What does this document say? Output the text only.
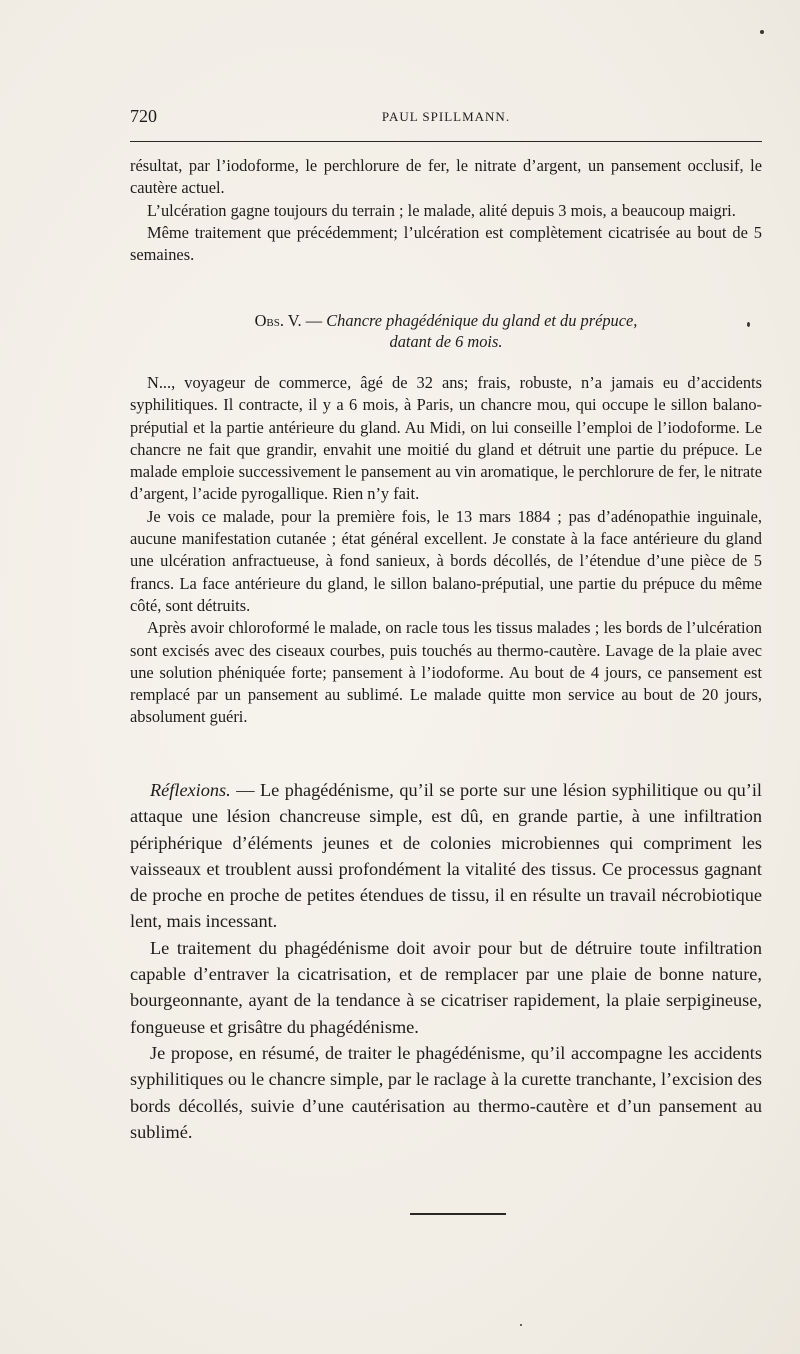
720	PAUL SPILLMANN.

résultat, par l’iodoforme, le perchlorure de fer, le nitrate d’argent, un pansement occlusif, le cautère actuel.

L’ulcération gagne toujours du terrain ; le malade, alité depuis 3 mois, a beaucoup maigri.

Même traitement que précédemment; l’ulcération est complètement cicatrisée au bout de 5 semaines.

Obs. V. — Chancre phagédénique du gland et du prépuce,
datant de 6 mois.

N..., voyageur de commerce, âgé de 32 ans; frais, robuste, n’a jamais eu d’accidents syphilitiques. Il contracte, il y a 6 mois, à Paris, un chancre mou, qui occupe le sillon balano-préputial et la partie antérieure du gland. Au Midi, on lui conseille l’emploi de l’iodoforme. Le chancre ne fait que grandir, envahit une moitié du gland et détruit une partie du prépuce. Le malade emploie successivement le pansement au vin aromatique, le perchlorure de fer, le nitrate d’argent, l’acide pyrogallique. Rien n’y fait.

Je vois ce malade, pour la première fois, le 13 mars 1884 ; pas d’adénopathie inguinale, aucune manifestation cutanée ; état général excellent. Je constate à la face antérieure du gland une ulcération anfractueuse, à fond sanieux, à bords décollés, de l’étendue d’une pièce de 5 francs. La face antérieure du gland, le sillon balano-préputial, une partie du prépuce du même côté, sont détruits.

Après avoir chloroformé le malade, on racle tous les tissus malades ; les bords de l’ulcération sont excisés avec des ciseaux courbes, puis touchés au thermo-cautère. Lavage de la plaie avec une solution phéniquée forte; pansement à l’iodoforme. Au bout de 4 jours, ce pansement est remplacé par un pansement au sublimé. Le malade quitte mon service au bout de 20 jours, absolument guéri.

Réflexions. — Le phagédénisme, qu’il se porte sur une lésion syphilitique ou qu’il attaque une lésion chancreuse simple, est dû, en grande partie, à une infiltration périphérique d’éléments jeunes et de colonies microbiennes qui compriment les vaisseaux et troublent aussi profondément la vitalité des tissus. Ce processus gagnant de proche en proche de petites étendues de tissu, il en résulte un travail nécrobiotique lent, mais incessant.

Le traitement du phagédénisme doit avoir pour but de détruire toute infiltration capable d’entraver la cicatrisation, et de remplacer par une plaie de bonne nature, bourgeonnante, ayant de la tendance à se cicatriser rapidement, la plaie serpigineuse, fongueuse et grisâtre du phagédénisme.

Je propose, en résumé, de traiter le phagédénisme, qu’il accompagne les accidents syphilitiques ou le chancre simple, par le raclage à la curette tranchante, l’excision des bords décollés, suivie d’une cautérisation au thermo-cautère et d’un pansement au sublimé.
